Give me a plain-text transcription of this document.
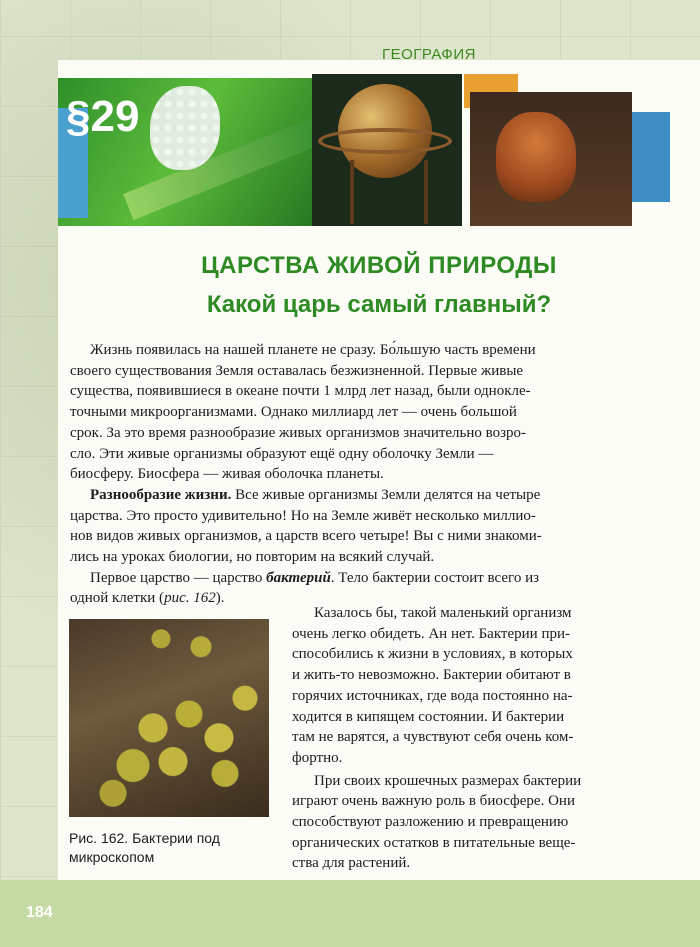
ГЕОГРАФИЯ
§29
ЦАРСТВА ЖИВОЙ ПРИРОДЫ
Какой царь самый главный?
Жизнь появилась на нашей планете не сразу. Бо́льшую часть времени
своего существования Земля оставалась безжизненной. Первые живые
существа, появившиеся в океане почти 1 млрд лет назад, были однокле-
точными микроорганизмами. Однако миллиард лет — очень большой
срок. За это время разнообразие живых организмов значительно возро-
сло. Эти живые организмы образуют ещё одну оболочку Земли —
биосферу. Биосфера — живая оболочка планеты.
Разнообразие жизни. Все живые организмы Земли делятся на четыре
царства. Это просто удивительно! Но на Земле живёт несколько миллио-
нов видов живых организмов, а царств всего четыре! Вы с ними знакоми-
лись на уроках биологии, но повторим на всякий случай.
Первое царство — царство бактерий. Тело бактерии состоит всего из
одной клетки (рис. 162).
Казалось бы, такой маленький организм
очень легко обидеть. Ан нет. Бактерии при-
способились к жизни в условиях, в которых
и жить-то невозможно. Бактерии обитают в
горячих источниках, где вода постоянно на-
ходится в кипящем состоянии. И бактерии
там не варятся, а чувствуют себя очень ком-
фортно.
При своих крошечных размерах бактерии
играют очень важную роль в биосфере. Они
способствуют разложению и превращению
органических остатков в питательные веще-
ства для растений.
Рис. 162. Бактерии под
микроскопом
184
